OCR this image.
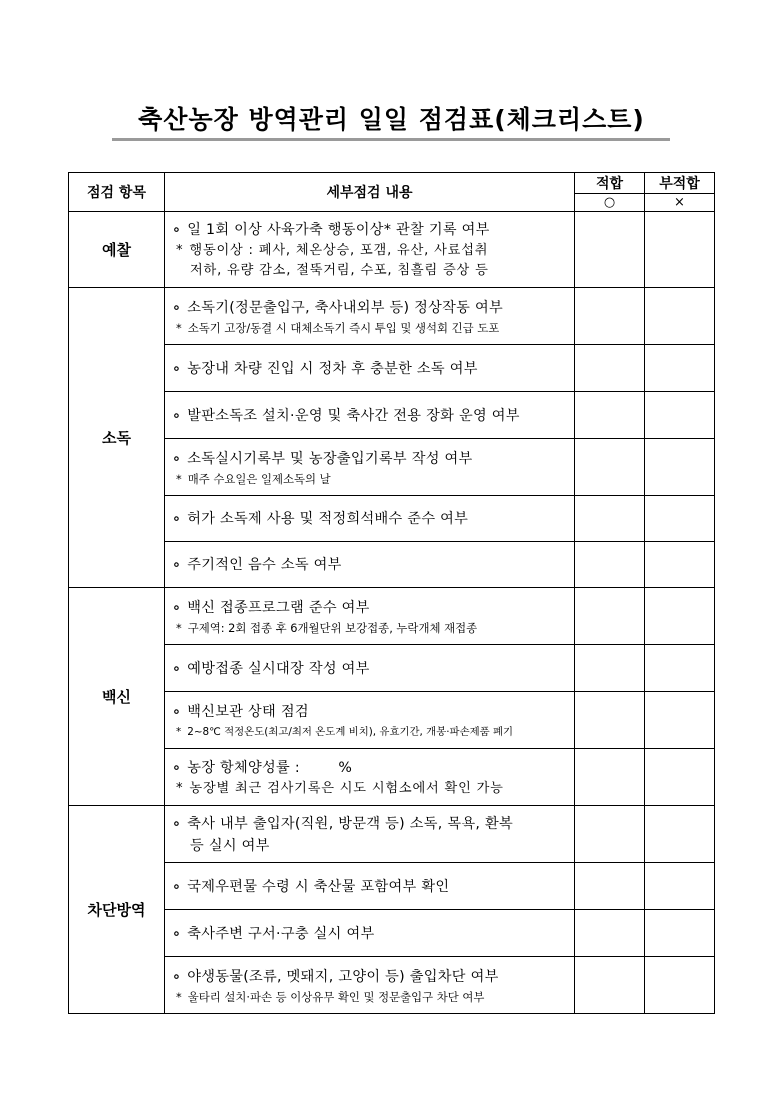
축산농장 방역관리 일일 점검표(체크리스트)
점검 항목	세부점검 내용	적합	부적합
		○	×
예찰	∘ 일 1회 이상 사육가축 행동이상* 관찰 기록 여부
* 행동이상 : 폐사, 체온상승, 포갬, 유산, 사료섭취
저하, 유량 감소, 절뚝거림, 수포, 침흘림 증상 등

소독	∘ 소독기(정문출입구, 축사내외부 등) 정상작동 여부
* 소독기 고장/동결 시 대체소독기 즉시 투입 및 생석회 긴급 도포

	∘ 농장내 차량 진입 시 정차 후 충분한 소독 여부

	∘ 발판소독조 설치·운영 및 축사간 전용 장화 운영 여부

	∘ 소독실시기록부 및 농장출입기록부 작성 여부
* 매주 수요일은 일제소독의 날

	∘ 허가 소독제 사용 및 적정희석배수 준수 여부

	∘ 주기적인 음수 소독 여부

백신	∘ 백신 접종프로그램 준수 여부
* 구제역: 2회 접종 후 6개월단위 보강접종, 누락개체 재접종

	∘ 예방접종 실시대장 작성 여부

	∘ 백신보관 상태 점검
* 2~8℃ 적정온도(최고/최저 온도계 비치), 유효기간, 개봉·파손제품 폐기

	∘ 농장 항체양성률 :        %
* 농장별 최근 검사기록은 시도 시험소에서 확인 가능

차단방역	∘ 축사 내부 출입자(직원, 방문객 등) 소독, 목욕, 환복
등 실시 여부

	∘ 국제우편물 수령 시 축산물 포함여부 확인

	∘ 축사주변 구서·구충 실시 여부

	∘ 야생동물(조류, 멧돼지, 고양이 등) 출입차단 여부
* 울타리 설치·파손 등 이상유무 확인 및 정문출입구 차단 여부
